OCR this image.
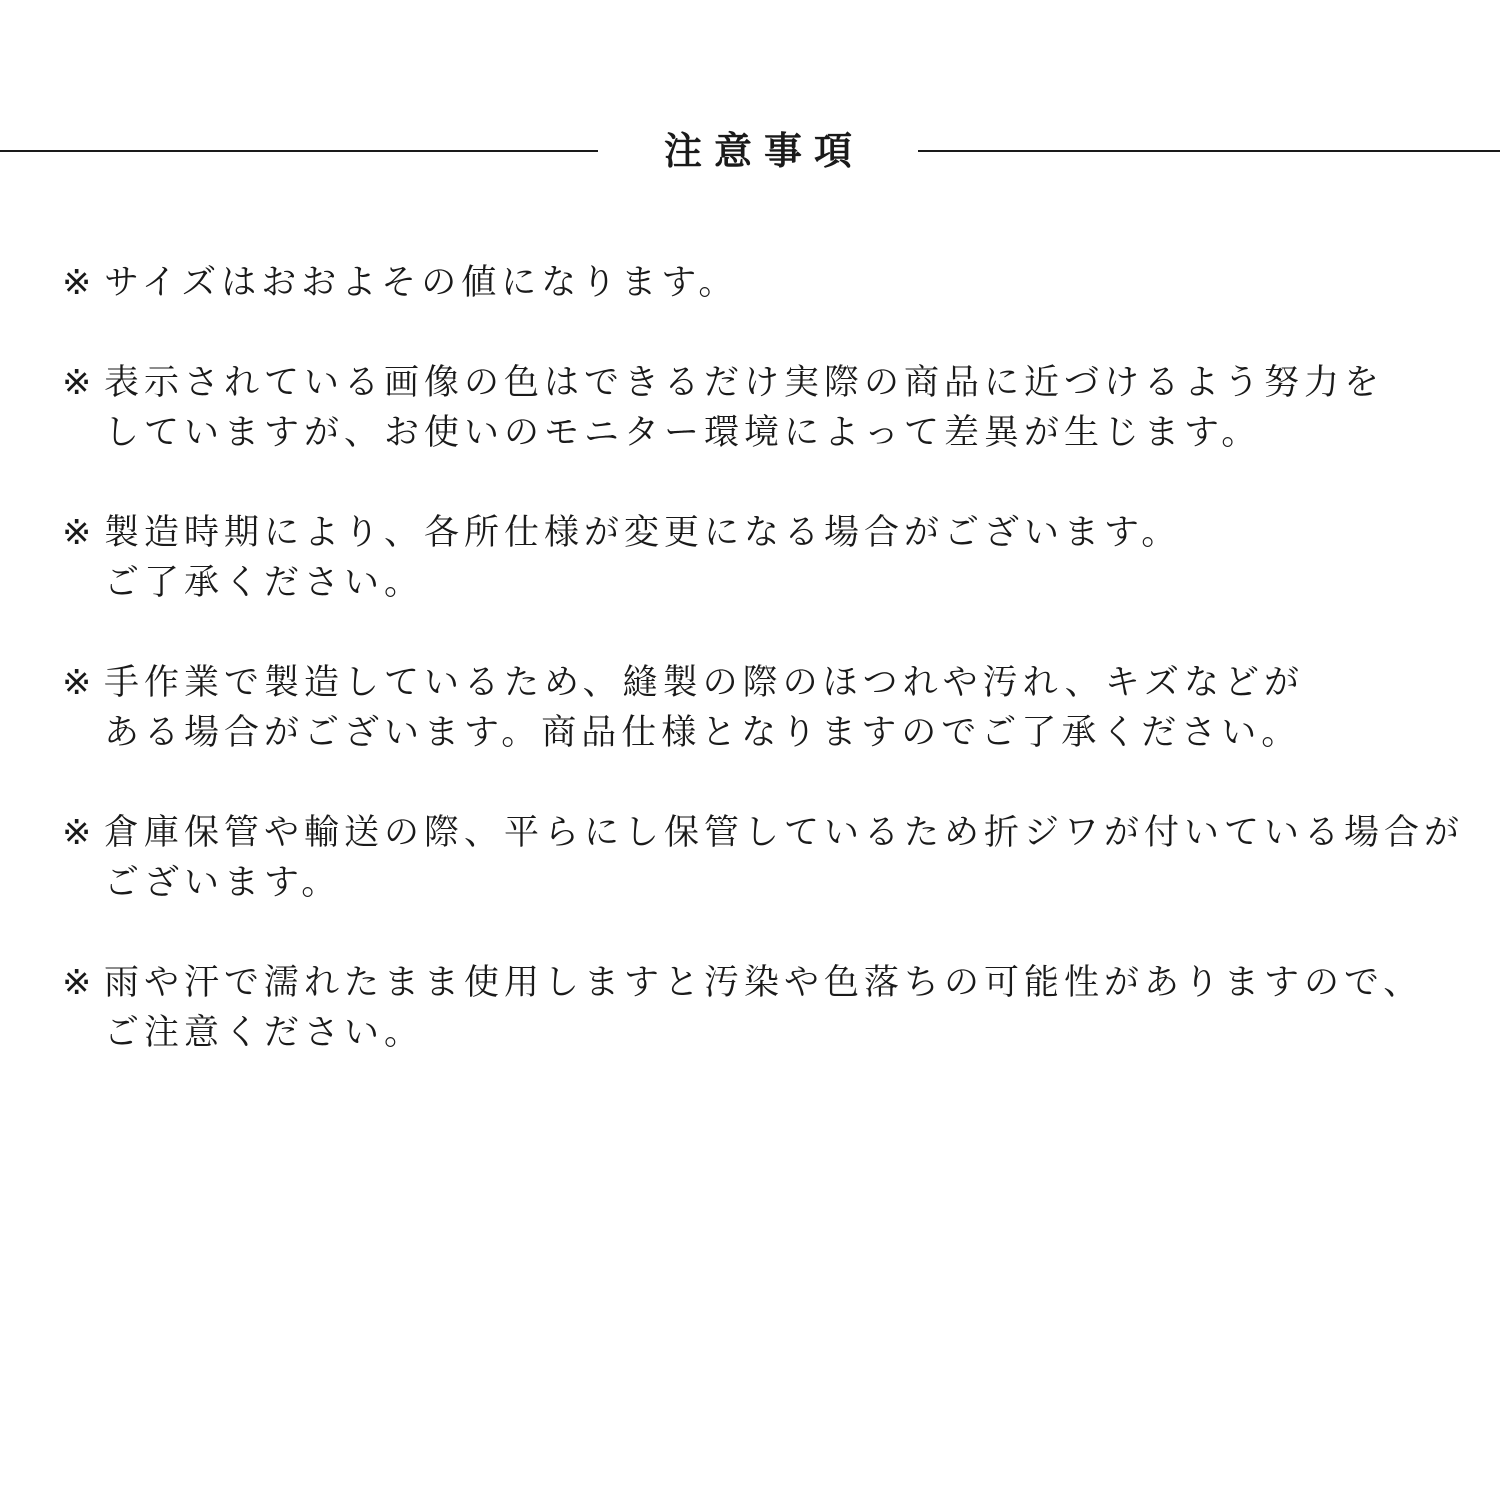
注意事項
※ サイズはおおよその値になります。
※ 表示されている画像の色はできるだけ実際の商品に近づけるよう努力を
していますが、お使いのモニター環境によって差異が生じます。
※ 製造時期により、各所仕様が変更になる場合がございます。
ご了承ください。
※ 手作業で製造しているため、縫製の際のほつれや汚れ、キズなどが
ある場合がございます。商品仕様となりますのでご了承ください。
※ 倉庫保管や輸送の際、平らにし保管しているため折ジワが付いている場合が
ございます。
※ 雨や汗で濡れたまま使用しますと汚染や色落ちの可能性がありますので、
ご注意ください。
